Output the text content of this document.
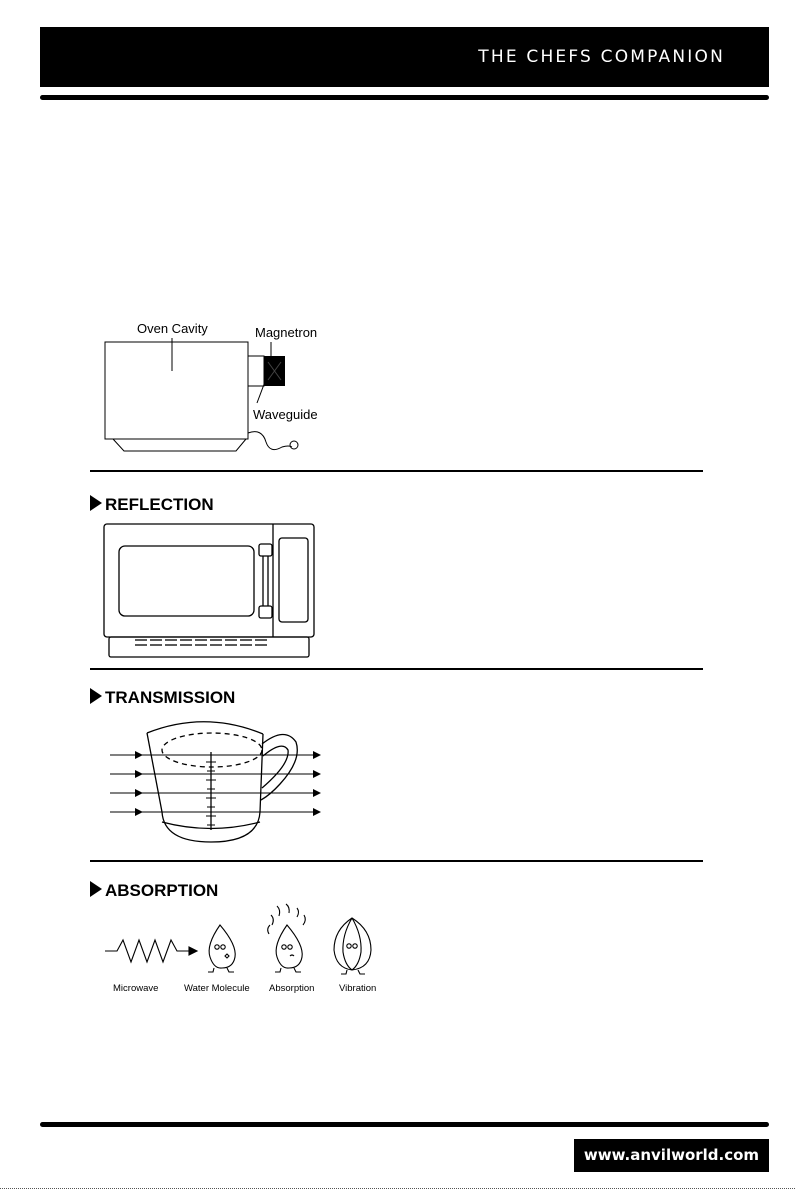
THE CHEFS COMPANION
Oven Cavity	Magnetron
Waveguide
REFLECTION
TRANSMISSION
ABSORPTION
Microwave	Water Molecule Absorption	Vibration
www.anvilworld.com
